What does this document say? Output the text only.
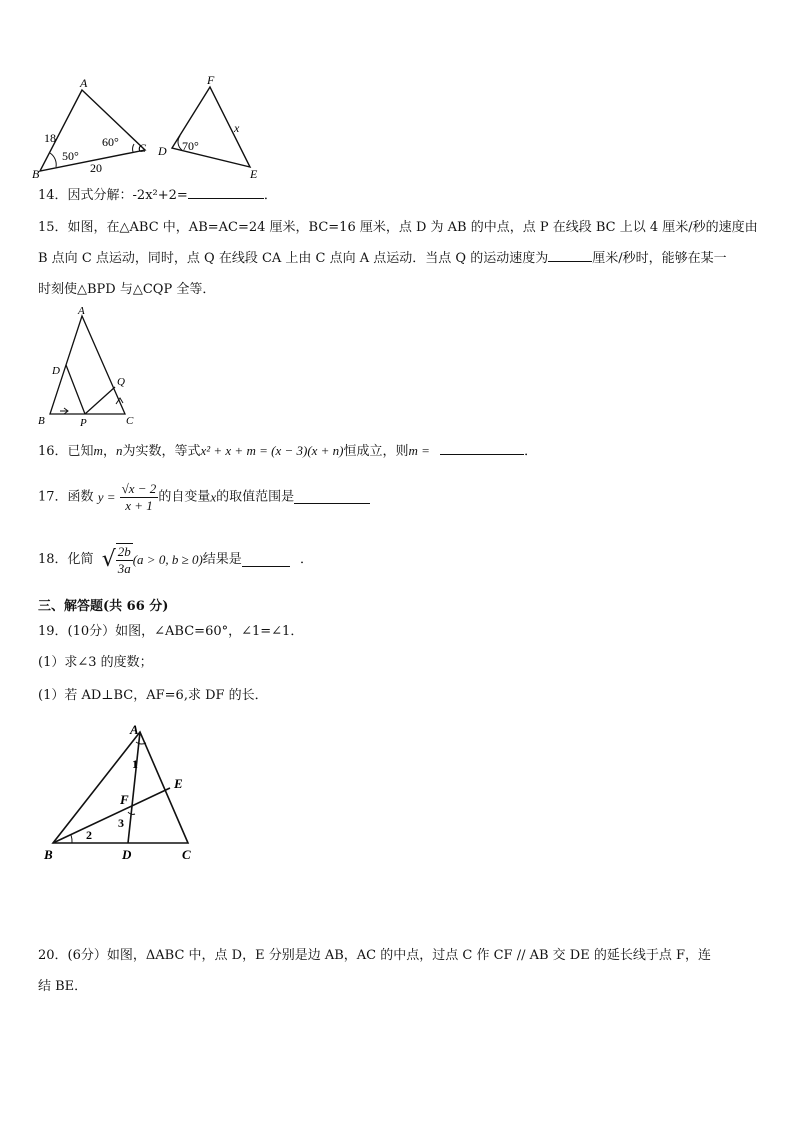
A
B
C
18
20
50°
60°
F
D
E
x
70°
14．因式分解：-2x²+2=	．
15．如图，在△ABC 中，AB=AC=24 厘米，BC=16 厘米，点 D 为 AB 的中点，点 P 在线段 BC 上以 4 厘米/秒的速度由
B 点向 C 点运动，同时，点 Q 在线段 CA 上由 C 点向 A 点运动．当点 Q 的运动速度为	厘米/秒时，能够在某一
时刻使△BPD 与△CQP 全等．
A
D
Q
B	P	C
16．已知m，n为实数，等式x² + x + m = (x − 3)(x + n)恒成立，则m =	．
17．函数 $y = \frac{√x - 2}{x + 1}$ 的自变量x的取值范围是
18．化简 √ $\frac{2b}{3a} (a > 0$, b ≥ 0)结果是	．
三、解答题(共 66 分)
19．(10分）如图，∠ABC=60°，∠1=∠1．
(1）求∠3 的度数；
(1）若 AD⊥BC，AF=6,求 DF 的长．
A
E
F
B	D	C
1
2
3
20．(6分）如图，ΔABC 中，点 D，E 分别是边 AB，AC 的中点，过点 C 作 CF // AB 交 DE 的延长线于点 F，连
结 BE．
